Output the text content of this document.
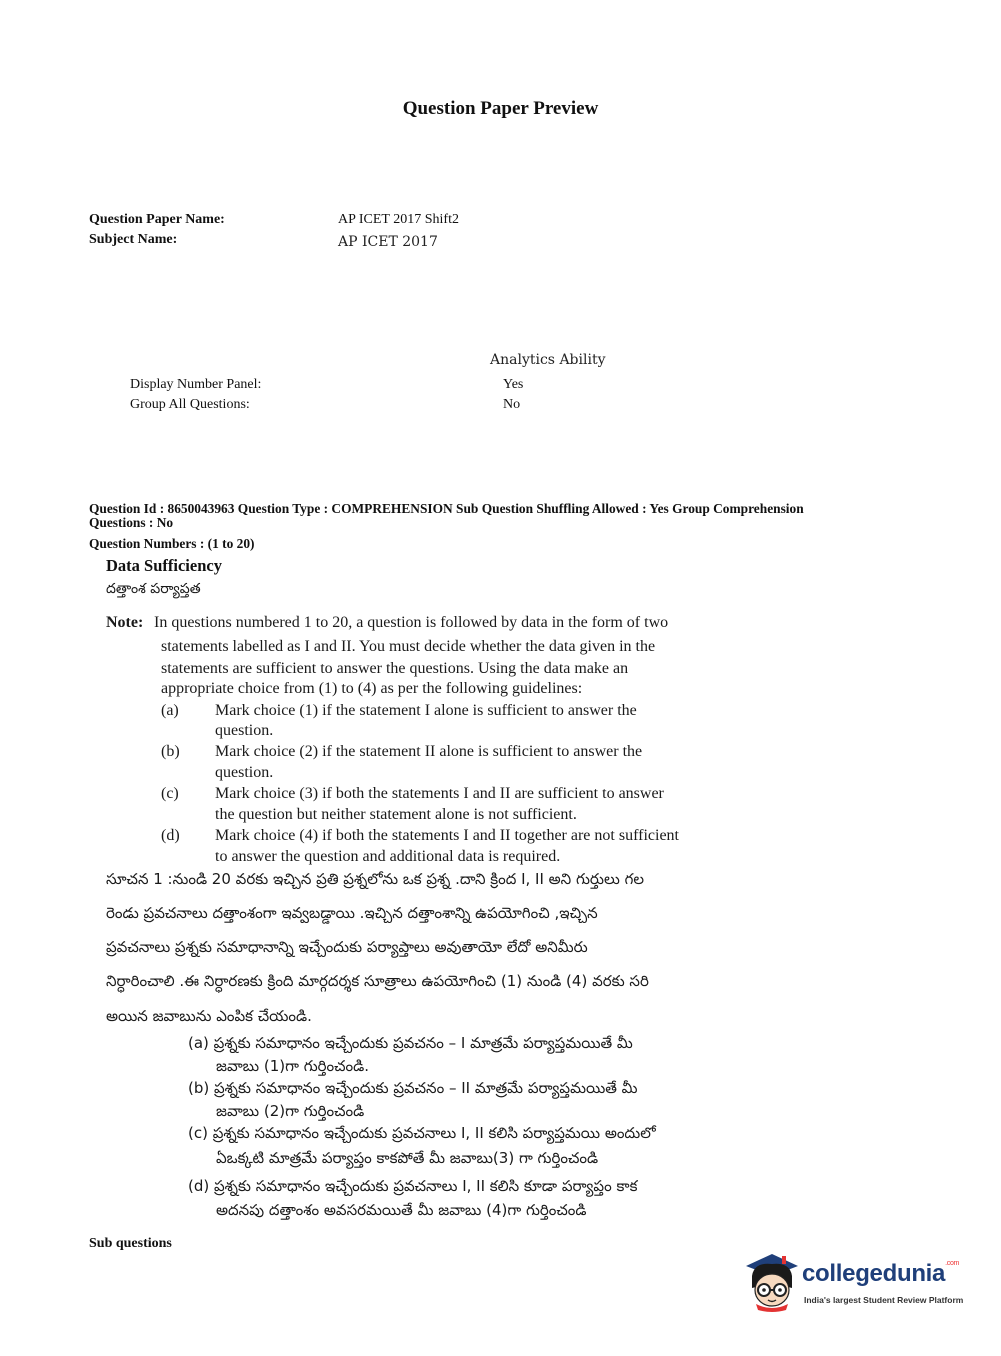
Question Paper Preview
Question Paper Name:	AP ICET 2017 Shift2
Subject Name:	AP ICET 2017
Analytics Ability
Display Number Panel:	Yes
Group All Questions:	No
Question Id : 8650043963 Question Type : COMPREHENSION Sub Question Shuffling Allowed : Yes Group Comprehension
Questions : No
Question Numbers : (1 to 20)
Data Sufficiency
దత్తాంశ పర్యాప్తత
Note: In questions numbered 1 to 20, a question is followed by data in the form of two
statements labelled as I and II. You must decide whether the data given in the
statements are sufficient to answer the questions. Using the data make an
appropriate choice from (1) to (4) as per the following guidelines:
(a) Mark choice (1) if the statement I alone is sufficient to answer the
question.
(b) Mark choice (2) if the statement II alone is sufficient to answer the
question.
(c) Mark choice (3) if both the statements I and II are sufficient to answer
the question but neither statement alone is not sufficient.
(d) Mark choice (4) if both the statements I and II together are not sufficient
to answer the question and additional data is required.
సూచన 1 :నుండి 20 వరకు ఇచ్చిన ప్రతి ప్రశ్నలోను ఒక ప్రశ్న .దాని క్రింద I, II అని గుర్తులు గల
రెండు ప్రవచనాలు దత్తాంశంగా ఇవ్వబడ్డాయి .ఇచ్చిన దత్తాంశాన్ని ఉపయోగించి ,ఇచ్చిన
ప్రవచనాలు ప్రశ్నకు సమాధానాన్ని ఇచ్చేందుకు పర్యాప్తాలు అవుతాయో లేదో అనిమీరు
నిర్ధారించాలి .ఈ నిర్ధారణకు క్రింది మార్గదర్శక సూత్రాలు ఉపయోగించి (1) నుండి (4) వరకు సరి
అయిన జవాబును ఎంపిక చేయండి.
(a) ప్రశ్నకు సమాధానం ఇచ్చేందుకు ప్రవచనం – I మాత్రమే పర్యాప్తమయితే మీ
జవాబు (1)గా గుర్తించండి.
(b) ప్రశ్నకు సమాధానం ఇచ్చేందుకు ప్రవచనం – II మాత్రమే పర్యాప్తమయితే మీ
జవాబు (2)గా గుర్తించండి
(c) ప్రశ్నకు సమాధానం ఇచ్చేందుకు ప్రవచనాలు I, II కలిసి పర్యాప్తమయి అందులో
ఏఒక్కటి మాత్రమే పర్యాప్తం కాకపోతే మీ జవాబు(3) గా గుర్తించండి
(d) ప్రశ్నకు సమాధానం ఇచ్చేందుకు ప్రవచనాలు I, II కలిసి కూడా పర్యాప్తం కాక
అదనపు దత్తాంశం అవసరమయితే మీ జవాబు (4)గా గుర్తించండి
Sub questions
collegedunia$^{.com}$
India's largest Student Review Platform
